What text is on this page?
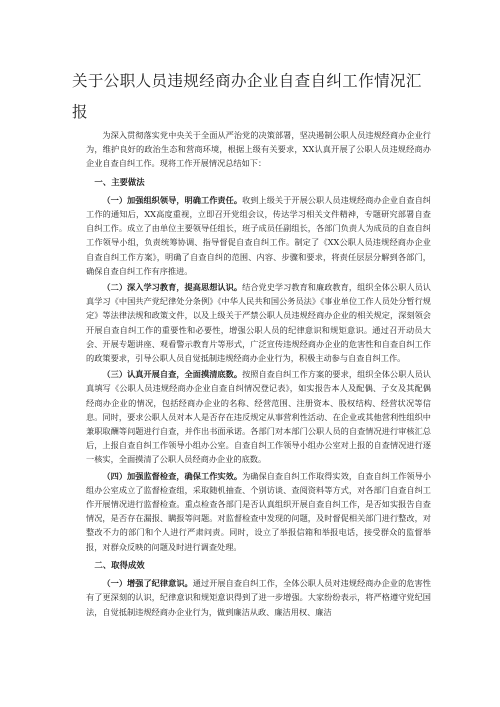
关于公职人员违规经商办企业自查自纠工作情况汇报

为深入贯彻落实党中央关于全面从严治党的决策部署，坚决遏制公职人员违规经商办企业行为，维护良好的政治生态和营商环境，根据上级有关要求，XX认真开展了公职人员违规经商办企业自查自纠工作。现将工作开展情况总结如下：

一、主要做法

（一）加强组织领导，明确工作责任。收到上级关于开展公职人员违规经商办企业自查自纠工作的通知后，XX高度重视，立即召开党组会议，传达学习相关文件精神，专题研究部署自查自纠工作。成立了由单位主要领导任组长，班子成员任副组长，各部门负责人为成员的自查自纠工作领导小组，负责统筹协调、指导督促自查自纠工作。制定了《XX公职人员违规经商办企业自查自纠工作方案》，明确了自查自纠的范围、内容、步骤和要求，将责任层层分解到各部门，确保自查自纠工作有序推进。

（二）深入学习教育，提高思想认识。结合党史学习教育和廉政教育，组织全体公职人员认真学习《中国共产党纪律处分条例》《中华人民共和国公务员法》《事业单位工作人员处分暂行规定》等法律法规和政策文件，以及上级关于严禁公职人员违规经商办企业的相关规定，深刻领会开展自查自纠工作的重要性和必要性，增强公职人员的纪律意识和规矩意识。通过召开动员大会、开展专题讲座、观看警示教育片等形式，广泛宣传违规经商办企业的危害性和自查自纠工作的政策要求，引导公职人员自觉抵制违规经商办企业行为，积极主动参与自查自纠工作。

（三）认真开展自查，全面摸清底数。按照自查自纠工作方案的要求，组织全体公职人员认真填写《公职人员违规经商办企业自查自纠情况登记表》，如实报告本人及配偶、子女及其配偶经商办企业的情况，包括经商办企业的名称、经营范围、注册资本、股权结构、经营状况等信息。同时，要求公职人员对本人是否存在违反规定从事营利性活动、在企业或其他营利性组织中兼职取酬等问题进行自查，并作出书面承诺。各部门对本部门公职人员的自查情况进行审核汇总后，上报自查自纠工作领导小组办公室。自查自纠工作领导小组办公室对上报的自查情况进行逐一核实，全面摸清了公职人员经商办企业的底数。

（四）加强监督检查，确保工作实效。为确保自查自纠工作取得实效，自查自纠工作领导小组办公室成立了监督检查组，采取随机抽查、个别访谈、查阅资料等方式，对各部门自查自纠工作开展情况进行监督检查。重点检查各部门是否认真组织开展自查自纠工作，是否如实报告自查情况，是否存在漏报、瞒报等问题。对监督检查中发现的问题，及时督促相关部门进行整改，对整改不力的部门和个人进行严肃问责。同时，设立了举报信箱和举报电话，接受群众的监督举报，对群众反映的问题及时进行调查处理。

二、取得成效

（一）增强了纪律意识。通过开展自查自纠工作，全体公职人员对违规经商办企业的危害性有了更深刻的认识，纪律意识和规矩意识得到了进一步增强。大家纷纷表示，将严格遵守党纪国法，自觉抵制违规经商办企业行为，做到廉洁从政、廉洁用权、廉洁
